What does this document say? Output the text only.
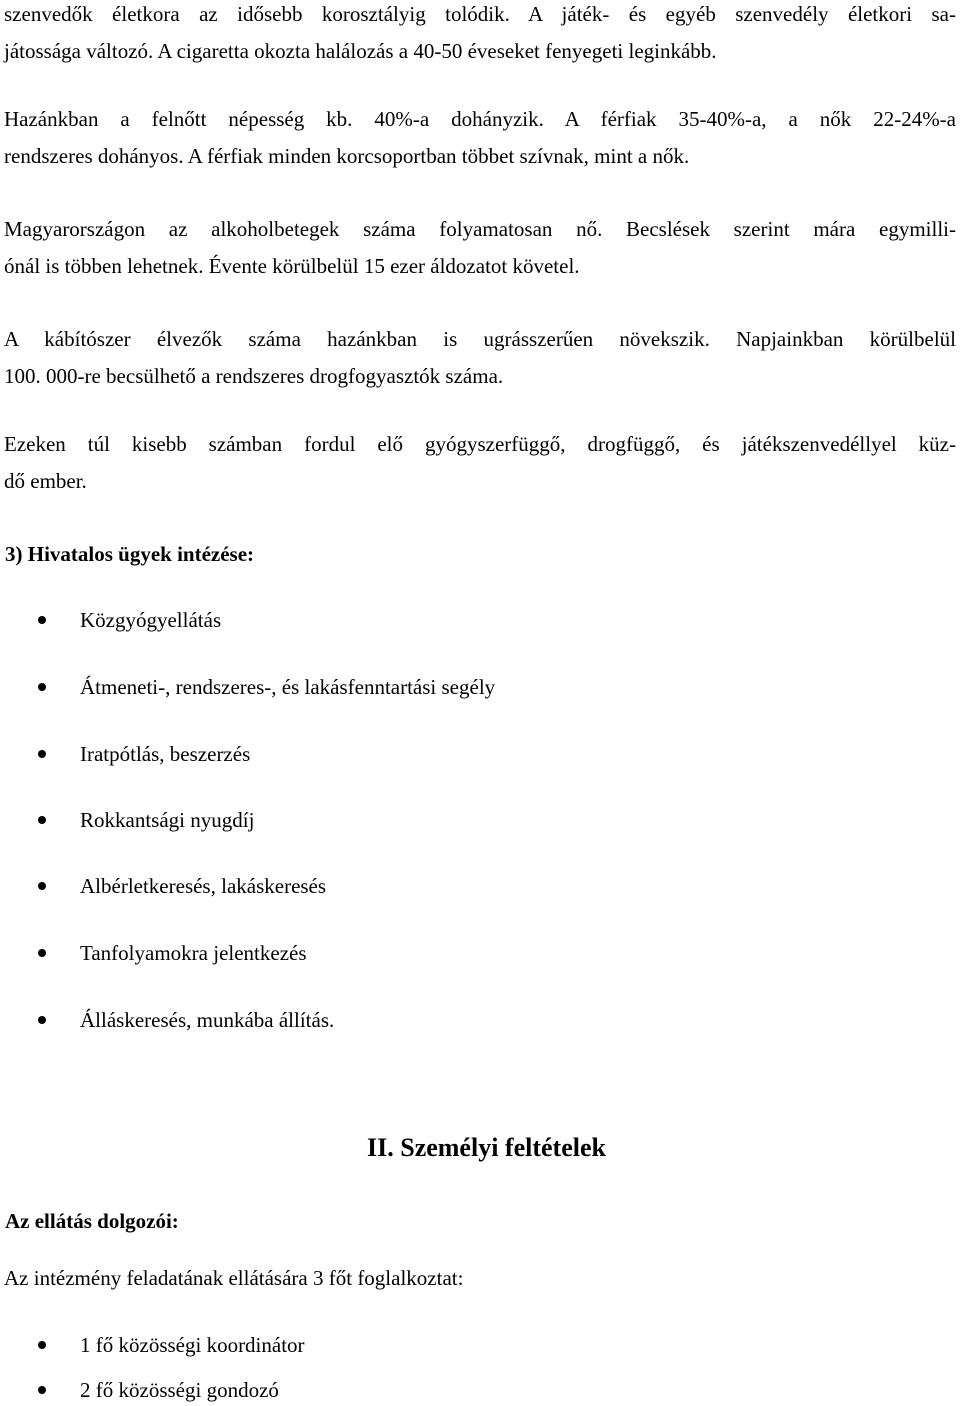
szenvedők életkora az idősebb korosztályig tolódik. A játék- és egyéb szenvedély életkori sa-
játossága változó. A cigaretta okozta halálozás a 40-50 éveseket fenyegeti leginkább.

Hazánkban a felnőtt népesség kb. 40%-a dohányzik. A férfiak 35-40%-a, a nők 22-24%-a
rendszeres dohányos. A férfiak minden korcsoportban többet szívnak, mint a nők.

Magyarországon az alkoholbetegek száma folyamatosan nő. Becslések szerint mára egymilli-
ónál is többen lehetnek. Évente körülbelül 15 ezer áldozatot követel.

A kábítószer élvezők száma hazánkban is ugrásszerűen növekszik. Napjainkban körülbelül
100. 000-re becsülhető a rendszeres drogfogyasztók száma.

Ezeken túl kisebb számban fordul elő gyógyszerfüggő, drogfüggő, és játékszenvedéllyel küz-
dő ember.

3) Hivatalos ügyek intézése:
Közgyógyellátás
Átmeneti-, rendszeres-, és lakásfenntartási segély
Iratpótlás, beszerzés
Rokkantsági nyugdíj
Albérletkeresés, lakáskeresés
Tanfolyamokra jelentkezés
Álláskeresés, munkába állítás.
II. Személyi feltételek
Az ellátás dolgozói:

Az intézmény feladatának ellátására 3 főt foglalkoztat:

1 fő közösségi koordinátor
2 fő közösségi gondozó
